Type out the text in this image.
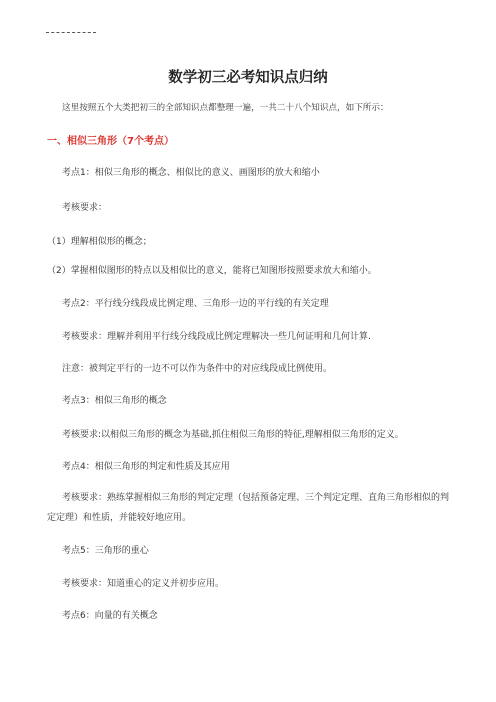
数学初三必考知识点归纳

这里按照五个大类把初三的全部知识点都整理一遍，一共二十八个知识点，如下所示：

一、相似三角形（7个考点）

考点1：相似三角形的概念、相似比的意义、画图形的放大和缩小

考核要求：

（1）理解相似形的概念；

（2）掌握相似图形的特点以及相似比的意义，能将已知图形按照要求放大和缩小。

考点2：平行线分线段成比例定理、三角形一边的平行线的有关定理

考核要求：理解并利用平行线分线段成比例定理解决一些几何证明和几何计算.

注意：被判定平行的一边不可以作为条件中的对应线段成比例使用。

考点3：相似三角形的概念

考核要求:以相似三角形的概念为基础,抓住相似三角形的特征,理解相似三角形的定义。

考点4：相似三角形的判定和性质及其应用

考核要求：熟练掌握相似三角形的判定定理（包括预备定理、三个判定定理、直角三角形相似的判定定理）和性质，并能较好地应用。

考点5：三角形的重心

考核要求：知道重心的定义并初步应用。

考点6：向量的有关概念
